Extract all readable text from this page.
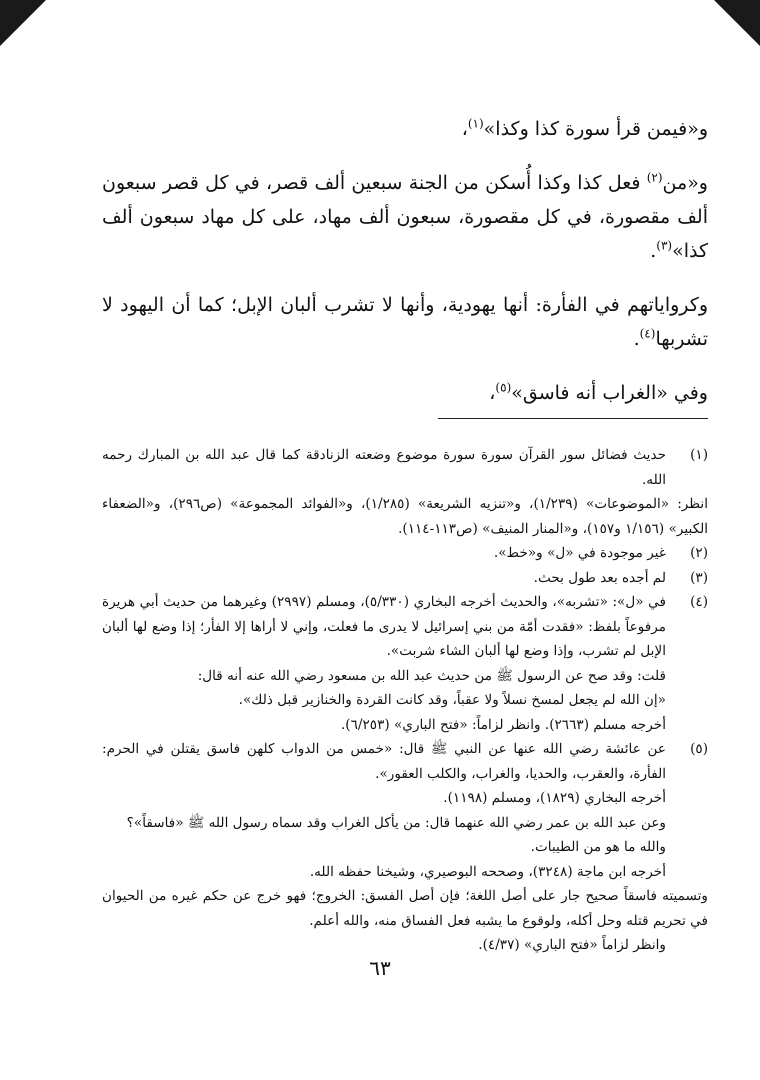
و«فيمن قرأ سورة كذا وكذا»$^{(١)}$،

و«من$^{(٢)}$ فعل كذا وكذا أُسكن من الجنة سبعين ألف قصر، في كل قصر سبعون ألف مقصورة، في كل مقصورة، سبعون ألف مهاد، على كل مهاد سبعون ألف كذا»$^{(٣)}$.

وكرواياتهم في الفأرة: أنها يهودية، وأنها لا تشرب ألبان الإبل؛ كما أن اليهود لا تشربها$^{(٤)}$.

وفي «الغراب أنه فاسق»$^{(٥)}$،

(١)
حديث فضائل سور القرآن سورة سورة موضوع وضعته الزنادقة كما قال عبد الله بن المبارك رحمه الله.

انظر: «الموضوعات» (١/٢٣٩)، و«تنزيه الشريعة» (١/٢٨٥)، و«الفوائد المجموعة» (ص٢٩٦)، و«الضعفاء الكبير» (١/١٥٦ و١٥٧)، و«المنار المنيف» (ص١١٣-١١٤).

(٢)
غير موجودة في «ل» و«خط».
(٣)
لم أجده بعد طول بحث.
(٤)
في «ل»: «تشربه»، والحديث أخرجه البخاري (٥/٣٣٠)، ومسلم (٢٩٩٧) وغيرهما من حديث أبي هريرة مرفوعاً بلفظ: «فقدت أمّة من بني إسرائيل لا يدرى ما فعلت، وإني لا أراها إلا الفأر؛ إذا وضع لها ألبان الإبل لم تشرب، وإذا وضع لها ألبان الشاء شربت».

قلت: وقد صح عن الرسول ﷺ من حديث عبد الله بن مسعود رضي الله عنه أنه قال:

«إن الله لم يجعل لمسخ نسلاً ولا عقباً، وقد كانت القردة والخنازير قبل ذلك».

أخرجه مسلم (٢٦٦٣). وانظر لزاماً: «فتح الباري» (٦/٢٥٣).

(٥)
عن عائشة رضي الله عنها عن النبي ﷺ قال: «خمس من الدواب كلهن فاسق يقتلن في الحرم: الفأرة، والعقرب، والحديا، والغراب، والكلب العقور».

أخرجه البخاري (١٨٢٩)، ومسلم (١١٩٨).

وعن عبد الله بن عمر رضي الله عنهما قال: من يأكل الغراب وقد سماه رسول الله ﷺ «فاسقاً»؟ والله ما هو من الطيبات.

أخرجه ابن ماجة (٣٢٤٨)، وصححه البوصيري، وشيخنا حفظه الله.

وتسميته فاسقاً صحيح جار على أصل اللغة؛ فإن أصل الفسق: الخروج؛ فهو خرج عن حكم غيره من الحيوان في تحريم قتله وحل أكله، ولوقوع ما يشبه فعل الفساق منه، والله أعلم.

وانظر لزاماً «فتح الباري» (٤/٣٧).

٦٣
